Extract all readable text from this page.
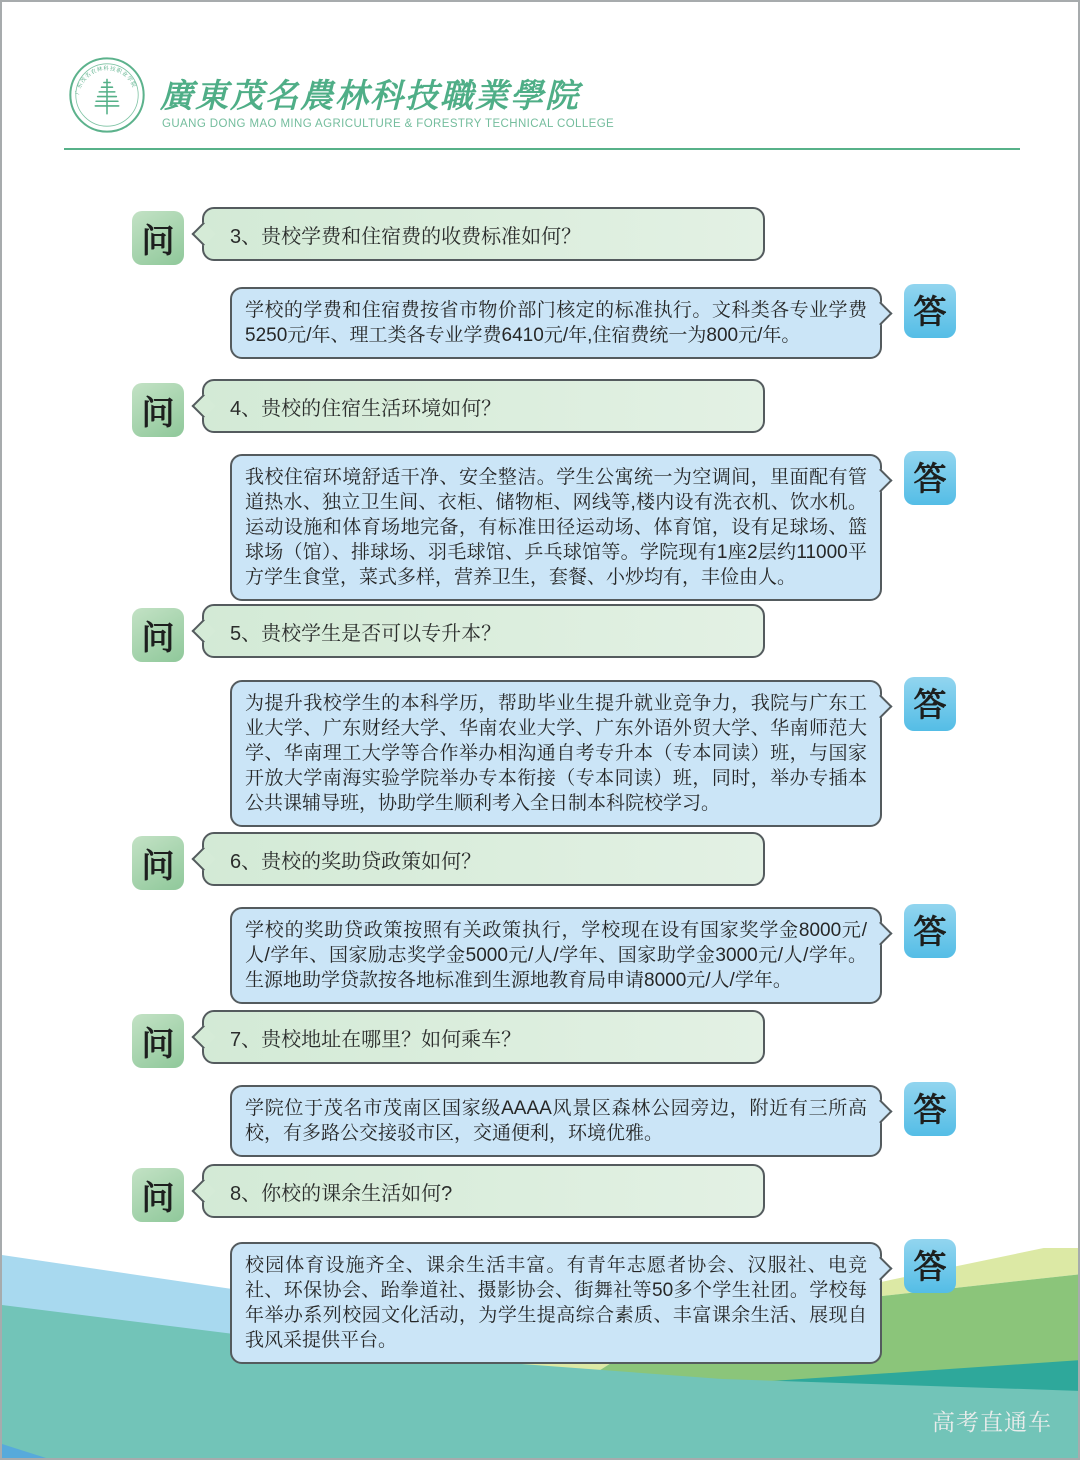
广东茂名农林科技职业学院 廣東茂名農林科技職業學院
GUANG DONG MAO MING AGRICULTURE & FORESTRY TECHNICAL COLLEGE
问	3、贵校学费和住宿费的收费标准如何？
答
学校的学费和住宿费按省市物价部门核定的标准执行。文科类各专业学费5250元/年、理工类各专业学费6410元/年,住宿费统一为800元/年。
问	4、贵校的住宿生活环境如何？
答
我校住宿环境舒适干净、安全整洁。学生公寓统一为空调间，里面配有管道热水、独立卫生间、衣柜、储物柜、网线等,楼内设有洗衣机、饮水机。运动设施和体育场地完备，有标准田径运动场、体育馆，设有足球场、篮球场（馆）、排球场、羽毛球馆、乒乓球馆等。学院现有1座2层约11000平方学生食堂，菜式多样，营养卫生，套餐、小炒均有，丰俭由人。
问	5、贵校学生是否可以专升本？
答
为提升我校学生的本科学历，帮助毕业生提升就业竞争力，我院与广东工业大学、广东财经大学、华南农业大学、广东外语外贸大学、华南师范大学、华南理工大学等合作举办相沟通自考专升本（专本同读）班，与国家开放大学南海实验学院举办专本衔接（专本同读）班，同时，举办专插本公共课辅导班，协助学生顺利考入全日制本科院校学习。
问	6、贵校的奖助贷政策如何？
答
学校的奖助贷政策按照有关政策执行，学校现在设有国家奖学金8000元/人/学年、国家励志奖学金5000元/人/学年、国家助学金3000元/人/学年。生源地助学贷款按各地标准到生源地教育局申请8000元/人/学年。
问	7、贵校地址在哪里？如何乘车？
答
学院位于茂名市茂南区国家级AAAA风景区森林公园旁边，附近有三所高校，有多路公交接驳市区，交通便利，环境优雅。
问	8、你校的课余生活如何?
答
校园体育设施齐全、课余生活丰富。有青年志愿者协会、汉服社、电竞社、环保协会、跆拳道社、摄影协会、街舞社等50多个学生社团。学校每年举办系列校园文化活动，为学生提高综合素质、丰富课余生活、展现自我风采提供平台。
高考直通车
